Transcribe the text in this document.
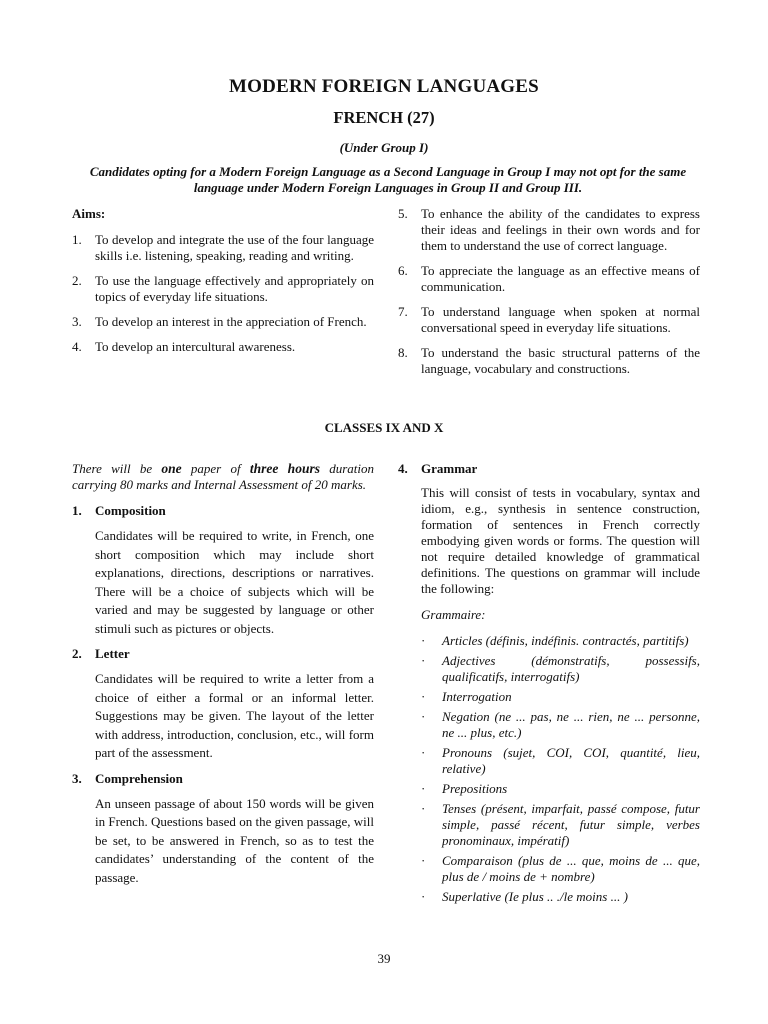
MODERN FOREIGN LANGUAGES
FRENCH (27)
(Under Group I)
Candidates opting for a Modern Foreign Language as a Second Language in Group I may not opt for the same language under Modern Foreign Languages in Group II and Group III.
Aims:
1. To develop and integrate the use of the four language skills i.e. listening, speaking, reading and writing.
2. To use the language effectively and appropriately on topics of everyday life situations.
3. To develop an interest in the appreciation of French.
4. To develop an intercultural awareness.
5. To enhance the ability of the candidates to express their ideas and feelings in their own words and for them to understand the use of correct language.
6. To appreciate the language as an effective means of communication.
7. To understand language when spoken at normal conversational speed in everyday life situations.
8. To understand the basic structural patterns of the language, vocabulary and constructions.
CLASSES IX AND X
There will be one paper of three hours duration carrying 80 marks and Internal Assessment of 20 marks.
1. Composition
Candidates will be required to write, in French, one short composition which may include short explanations, directions, descriptions or narratives. There will be a choice of subjects which will be varied and may be suggested by language or other stimuli such as pictures or objects.
2. Letter
Candidates will be required to write a letter from a choice of either a formal or an informal letter. Suggestions may be given. The layout of the letter with address, introduction, conclusion, etc., will form part of the assessment.
3. Comprehension
An unseen passage of about 150 words will be given in French. Questions based on the given passage, will be set, to be answered in French, so as to test the candidates’ understanding of the content of the passage.
4. Grammar
This will consist of tests in vocabulary, syntax and idiom, e.g., synthesis in sentence construction, formation of sentences in French correctly embodying given words or forms. The question will not require detailed knowledge of grammatical definitions. The questions on grammar will include the following:
Grammaire:
· Articles (définis, indéfinis. contractés, partitifs)
· Adjectives (démonstratifs, possessifs, qualificatifs, interrogatifs)
· Interrogation
· Negation (ne ... pas, ne ... rien, ne ... personne, ne ... plus, etc.)
· Pronouns (sujet, COI, COI, quantité, lieu, relative)
· Prepositions
· Tenses (présent, imparfait, passé compose, futur simple, passé récent, futur simple, verbes pronominaux, impératif)
· Comparaison (plus de ... que, moins de ... que, plus de / moins de + nombre)
· Superlative (Ie plus .. ./le moins ... )
39
